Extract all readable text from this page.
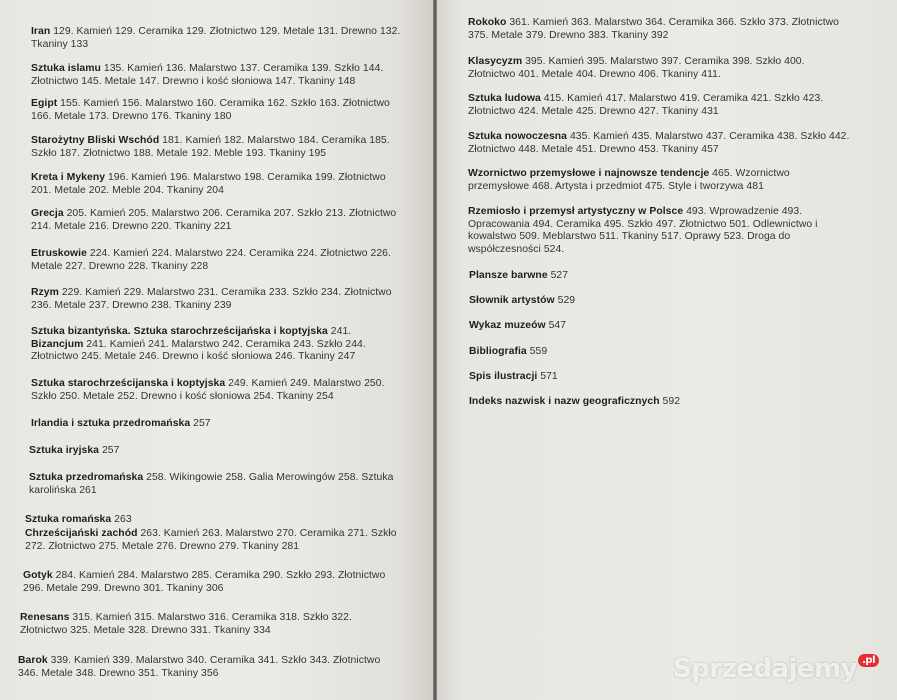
Iran 129. Kamień 129. Ceramika 129. Złotnictwo 129. Metale 131. Drewno 132. Tkaniny 133
Sztuka islamu 135. Kamień 136. Malarstwo 137. Ceramika 139. Szkło 144. Złotnictwo 145. Metale 147. Drewno i kość słoniowa 147. Tkaniny 148
Egipt 155. Kamień 156. Malarstwo 160. Ceramika 162. Szkło 163. Złotnictwo 166. Metale 173. Drewno 176. Tkaniny 180
Starożytny Bliski Wschód 181. Kamień 182. Malarstwo 184. Ceramika 185. Szkło 187. Złotnictwo 188. Metale 192. Meble 193. Tkaniny 195
Kreta i Mykeny 196. Kamień 196. Malarstwo 198. Ceramika 199. Złotnictwo 201. Metale 202. Meble 204. Tkaniny 204
Grecja 205. Kamień 205. Malarstwo 206. Ceramika 207. Szkło 213. Złotnictwo 214. Metale 216. Drewno 220. Tkaniny 221
Etruskowie 224. Kamień 224. Malarstwo 224. Ceramika 224. Złotnictwo 226. Metale 227. Drewno 228. Tkaniny 228
Rzym 229. Kamień 229. Malarstwo 231. Ceramika 233. Szkło 234. Złotnictwo 236. Metale 237. Drewno 238. Tkaniny 239
Sztuka bizantyńska. Sztuka starochrześcijańska i koptyjska 241. Bizancjum 241. Kamień 241. Malarstwo 242. Ceramika 243. Szkło 244. Złotnictwo 245. Metale 246. Drewno i kość słoniowa 246. Tkaniny 247
Sztuka starochrześcijanska i koptyjska 249. Kamień 249. Malarstwo 250. Szkło 250. Metale 252. Drewno i kość słoniowa 254. Tkaniny 254
Irlandia i sztuka przedromańska 257
Sztuka iryjska 257
Sztuka przedromańska 258. Wikingowie 258. Galia Merowingów 258. Sztuka karolińska 261
Sztuka romańska 263
Chrześcijański zachód 263. Kamień 263. Malarstwo 270. Ceramika 271. Szkło 272. Złotnictwo 275. Metale 276. Drewno 279. Tkaniny 281
Gotyk 284. Kamień 284. Malarstwo 285. Ceramika 290. Szkło 293. Złotnictwo 296. Metale 299. Drewno 301. Tkaniny 306
Renesans 315. Kamień 315. Malarstwo 316. Ceramika 318. Szkło 322. Złotnictwo 325. Metale 328. Drewno 331. Tkaniny 334
Barok 339. Kamień 339. Malarstwo 340. Ceramika 341. Szkło 343. Złotnictwo 346. Metale 348. Drewno 351. Tkaniny 356
Rokoko 361. Kamień 363. Malarstwo 364. Ceramika 366. Szkło 373. Złotnictwo 375. Metale 379. Drewno 383. Tkaniny 392
Klasycyzm 395. Kamień 395. Malarstwo 397. Ceramika 398. Szkło 400. Złotnictwo 401. Metale 404. Drewno 406. Tkaniny 411.
Sztuka ludowa 415. Kamień 417. Malarstwo 419. Ceramika 421. Szkło 423. Złotnictwo 424. Metale 425. Drewno 427. Tkaniny 431
Sztuka nowoczesna 435. Kamień 435. Malarstwo 437. Ceramika 438. Szkło 442. Złotnictwo 448. Metale 451. Drewno 453. Tkaniny 457
Wzornictwo przemysłowe i najnowsze tendencje 465. Wzornictwo przemysłowe 468. Artysta i przedmiot 475. Style i tworzywa 481
Rzemiosło i przemysł artystyczny w Polsce 493. Wprowadzenie 493. Opracowania 494. Ceramika 495. Szkło 497. Złotnictwo 501. Odlewnictwo i kowalstwo 509. Meblarstwo 511. Tkaniny 517. Oprawy 523. Droga do współczesności 524.
Plansze barwne 527
Słownik artystów 529
Wykaz muzeów 547
Bibliografia 559
Spis ilustracji 571
Indeks nazwisk i nazw geograficznych 592
Sprzedajemy .pl
